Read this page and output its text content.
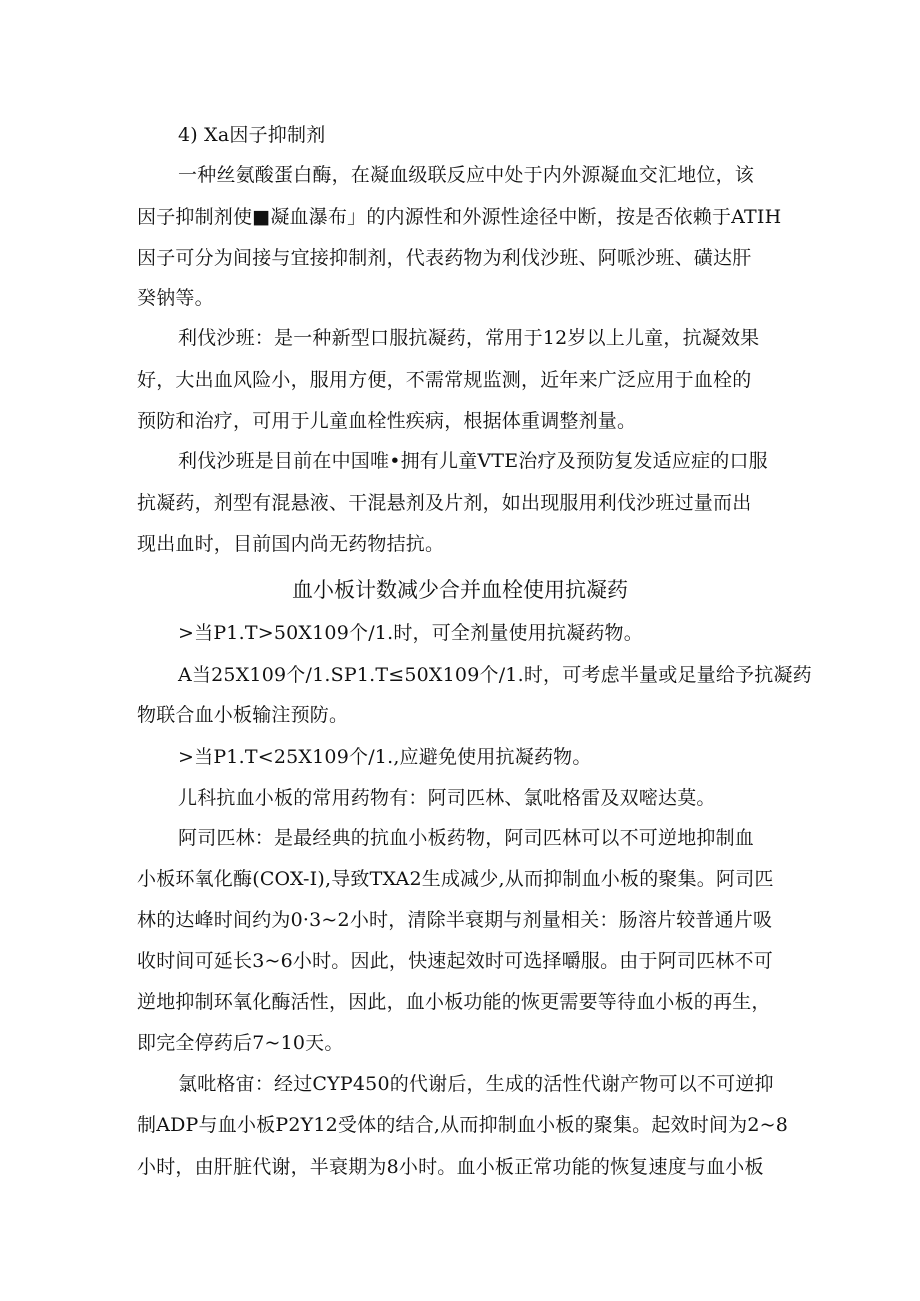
4) Xa因子抑制剂
一种丝氨酸蛋白酶，在凝血级联反应中处于内外源凝血交汇地位，该
因子抑制剂使■凝血瀑布」的内源性和外源性途径中断，按是否依赖于ATIH
因子可分为间接与宜接抑制剂，代表药物为利伐沙班、阿哌沙班、磺达肝
癸钠等。
利伐沙班：是一种新型口服抗凝药，常用于12岁以上儿童，抗凝效果
好，大出血风险小，服用方便，不需常规监测，近年来广泛应用于血栓的
预防和治疗，可用于儿童血栓性疾病，根据体重调整剂量。
利伐沙班是目前在中国唯•拥有儿童VTE治疗及预防复发适应症的口服
抗凝药，剂型有混悬液、干混悬剂及片剂，如出现服用利伐沙班过量而出
现出血时，目前国内尚无药物拮抗。
血小板计数减少合并血栓使用抗凝药
>当P1.T>50X109个/1.时，可全剂量使用抗凝药物。
A当25X109个/1.SP1.T≤50X109个/1.时，可考虑半量或足量给予抗凝药
物联合血小板输注预防。
>当P1.T<25X109个/1.,应避免使用抗凝药物。
儿科抗血小板的常用药物有：阿司匹林、氯吡格雷及双嘧达莫。
阿司匹林：是最经典的抗血小板药物，阿司匹林可以不可逆地抑制血
小板环氧化酶(COX-I),导致TXA2生成减少,从而抑制血小板的聚集。阿司匹
林的达峰时间约为0·3~2小时，清除半衰期与剂量相关：肠溶片较普通片吸
收时间可延长3~6小时。因此，快速起效时可选择嚼服。由于阿司匹林不可
逆地抑制环氧化酶活性，因此，血小板功能的恢更需要等待血小板的再生，
即完全停药后7~10天。
氯吡格宙：经过CYP450的代谢后，生成的活性代谢产物可以不可逆抑
制ADP与血小板P2Y12受体的结合,从而抑制血小板的聚集。起效时间为2~8
小时，由肝脏代谢，半衰期为8小时。血小板正常功能的恢复速度与血小板
